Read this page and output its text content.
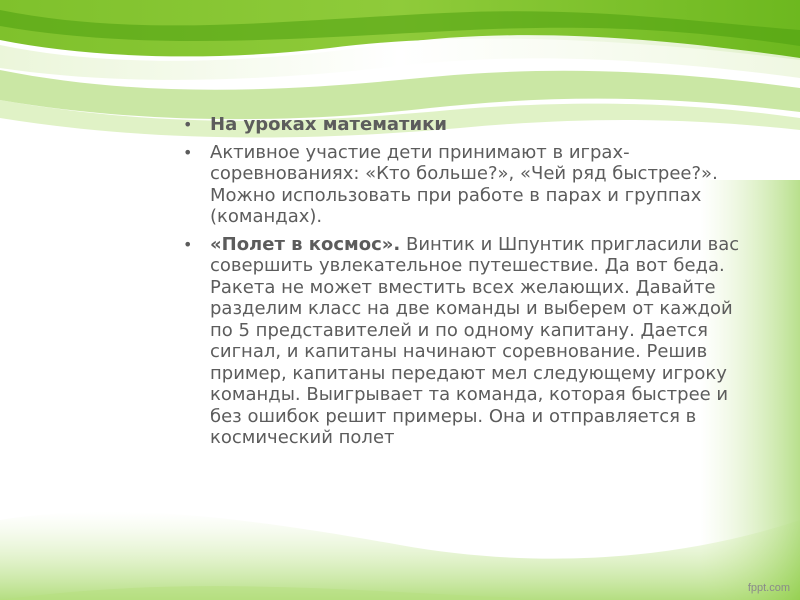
• На уроках математики
• Активное участие дети принимают в играх-соревнованиях: «Кто больше?», «Чей ряд быстрее?». Можно использовать при работе в парах и группах (командах).
• «Полет в космос». Винтик и Шпунтик пригласили вас совершить увлекательное путешествие. Да вот беда. Ракета не может вместить всех желающих. Давайте разделим класс на две команды и выберем от каждой по 5 представителей и по одному капитану. Дается сигнал, и капитаны начинают соревнование. Решив пример, капитаны передают мел следующему игроку команды. Выигрывает та команда, которая быстрее и без ошибок решит примеры. Она и отправляется в космический полет
fppt.com
